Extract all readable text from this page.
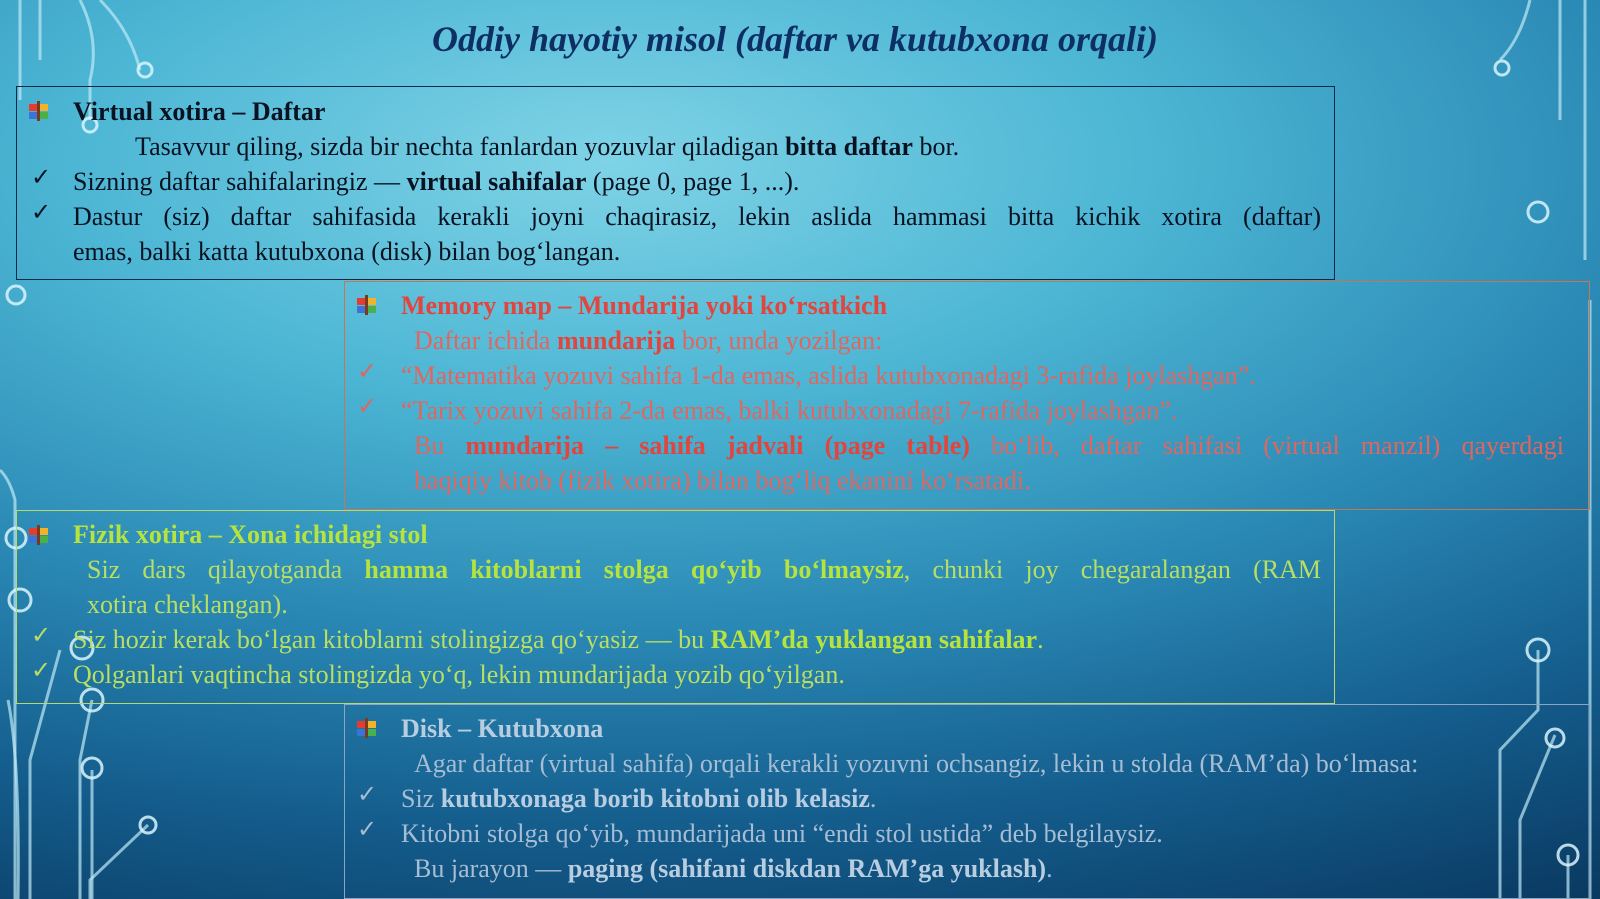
Oddiy hayotiy misol (daftar va kutubxona orqali)
Virtual xotira – Daftar
Tasavvur qiling, sizda bir nechta fanlardan yozuvlar qiladigan bitta daftar bor.
✓ Sizning daftar sahifalaringiz — virtual sahifalar (page 0, page 1, ...).
✓ Dastur (siz) daftar sahifasida kerakli joyni chaqirasiz, lekin aslida hammasi bitta kichik xotira (daftar)
emas, balki katta kutubxona (disk) bilan bog‘langan.
Memory map – Mundarija yoki ko‘rsatkich
Daftar ichida mundarija bor, unda yozilgan:
✓ “Matematika yozuvi sahifa 1-da emas, aslida kutubxonadagi 3-rafida joylashgan”.
✓ “Tarix yozuvi sahifa 2-da emas, balki kutubxonadagi 7-rafida joylashgan”.
Bu mundarija – sahifa jadvali (page table) bo‘lib, daftar sahifasi (virtual manzil) qayerdagi
haqiqiy kitob (fizik xotira) bilan bog‘liq ekanini ko‘rsatadi.
Fizik xotira – Xona ichidagi stol
Siz dars qilayotganda hamma kitoblarni stolga qo‘yib bo‘lmaysiz, chunki joy chegaralangan (RAM
xotira cheklangan).
✓ Siz hozir kerak bo‘lgan kitoblarni stolingizga qo‘yasiz — bu RAM’da yuklangan sahifalar.
✓ Qolganlari vaqtincha stolingizda yo‘q, lekin mundarijada yozib qo‘yilgan.
Disk – Kutubxona
Agar daftar (virtual sahifa) orqali kerakli yozuvni ochsangiz, lekin u stolda (RAM’da) bo‘lmasa:
✓ Siz kutubxonaga borib kitobni olib kelasiz.
✓ Kitobni stolga qo‘yib, mundarijada uni “endi stol ustida” deb belgilaysiz.
Bu jarayon — paging (sahifani diskdan RAM’ga yuklash).
